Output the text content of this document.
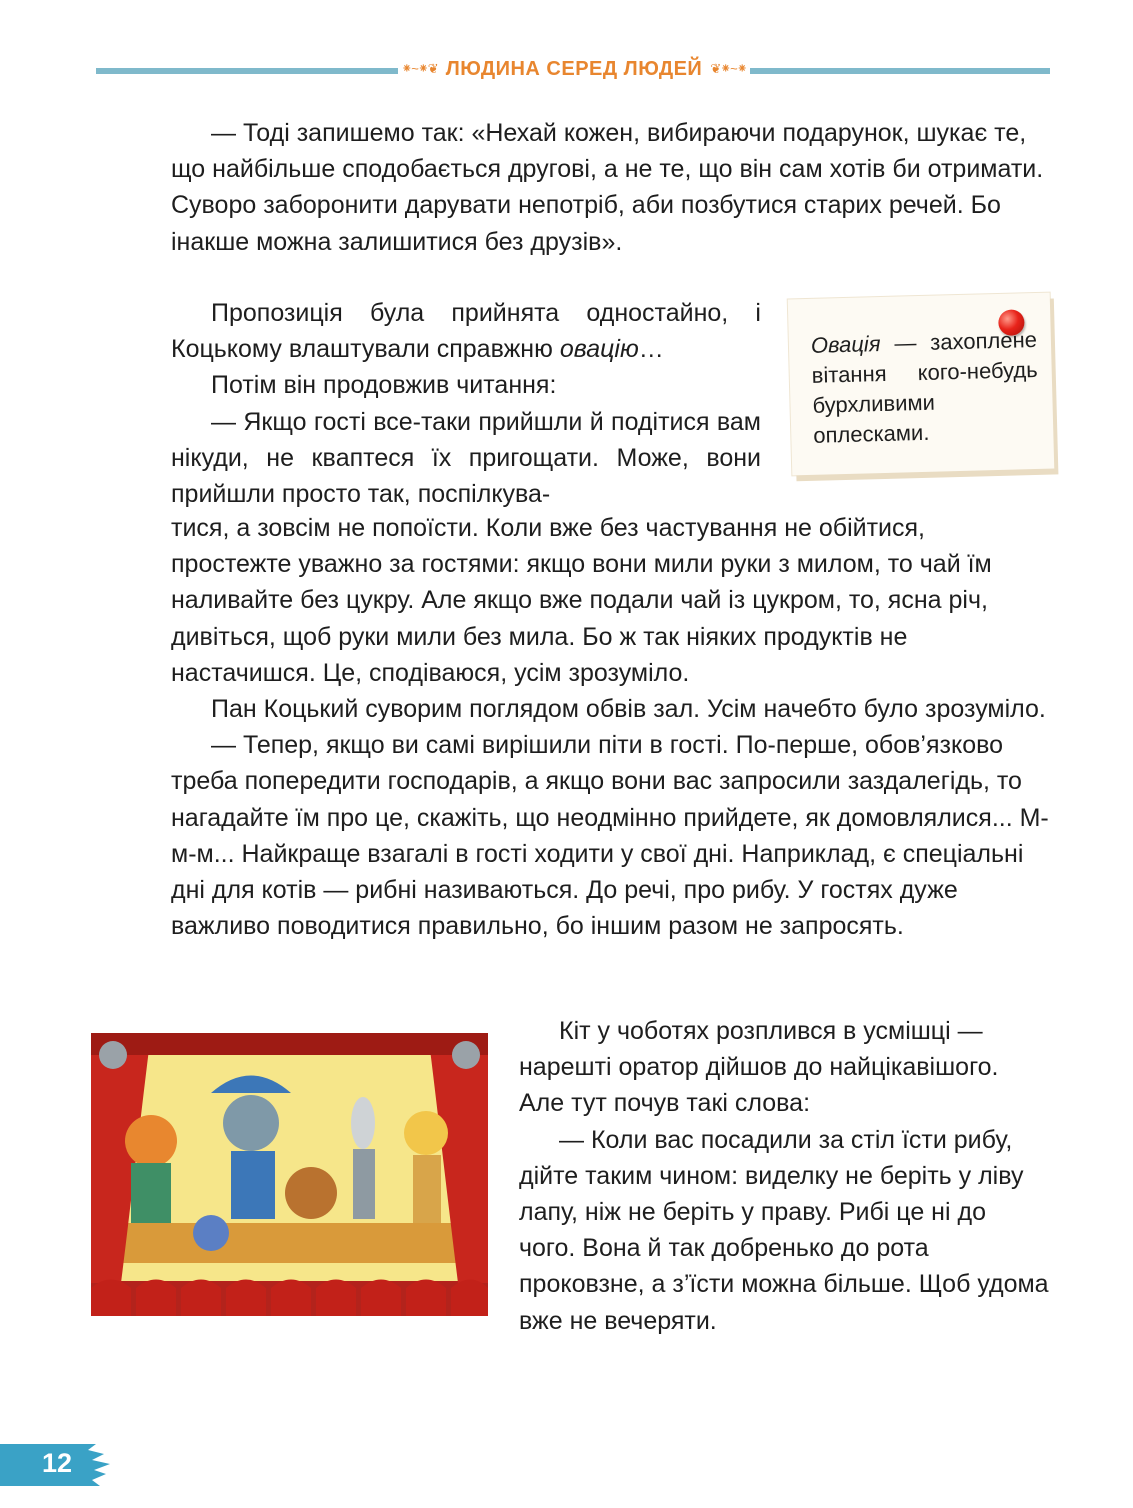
⁕~⁕❦ ЛЮДИНА СЕРЕД ЛЮДЕЙ ❦⁕~⁕

— Тоді запишемо так: «Нехай кожен, вибираючи подарунок, шукає те, що найбільше сподобається другові, а не те, що він сам хотів би отримати. Суворо заборонити дарувати непотріб, аби позбутися старих речей. Бо інакше можна залишитися без друзів».

Пропозиція була прийнята одностайно, і Коцькому влаштували справжню овацію…

Потім він продовжив читання:

— Якщо гості все-таки прийшли й подітися вам нікуди, не квaптеся їх пригощати. Може, вони прийшли просто так, поспілкува-

Овація — захоплене вітання кого-небудь бурхливими оплесками.

тися, а зовсім не попоїсти. Коли вже без частування не обійтися, простежте уважно за гостями: якщо вони мили руки з милом, то чай їм наливайте без цукру. Але якщо вже подали чай із цукром, то, ясна річ, дивіться, щоб руки мили без мила. Бо ж так ніяких продуктів не настачишся. Це, сподіваюся, усім зрозуміло.

Пан Коцький суворим поглядом обвів зал. Усім начебто було зрозуміло.

— Тепер, якщо ви самі вирішили піти в гості. По-перше, обов’язково треба попередити господарів, а якщо вони вас запросили заздалегідь, то нагадайте їм про це, скажіть, що неодмінно прийдете, як домовлялися... М-м-м... Найкраще взагалі в гості ходити у свої дні. Наприклад, є спеціальні дні для котів — рибні називаються. До речі, про рибу. У гостях дуже важливо поводитися правильно, бо іншим разом не запросять.

Кіт у чоботях розплився в усмішці — нарешті оратор дійшов до найцікавішого. Але тут почув такі слова:

— Коли вас посадили за стіл їсти рибу, дійте таким чином: виделку не беріть у ліву лапу, ніж не беріть у праву. Рибі це ні до чого. Вона й так добренько до рота проковзне, а з’їсти можна більше. Щоб удома вже не вечеряти.

12
